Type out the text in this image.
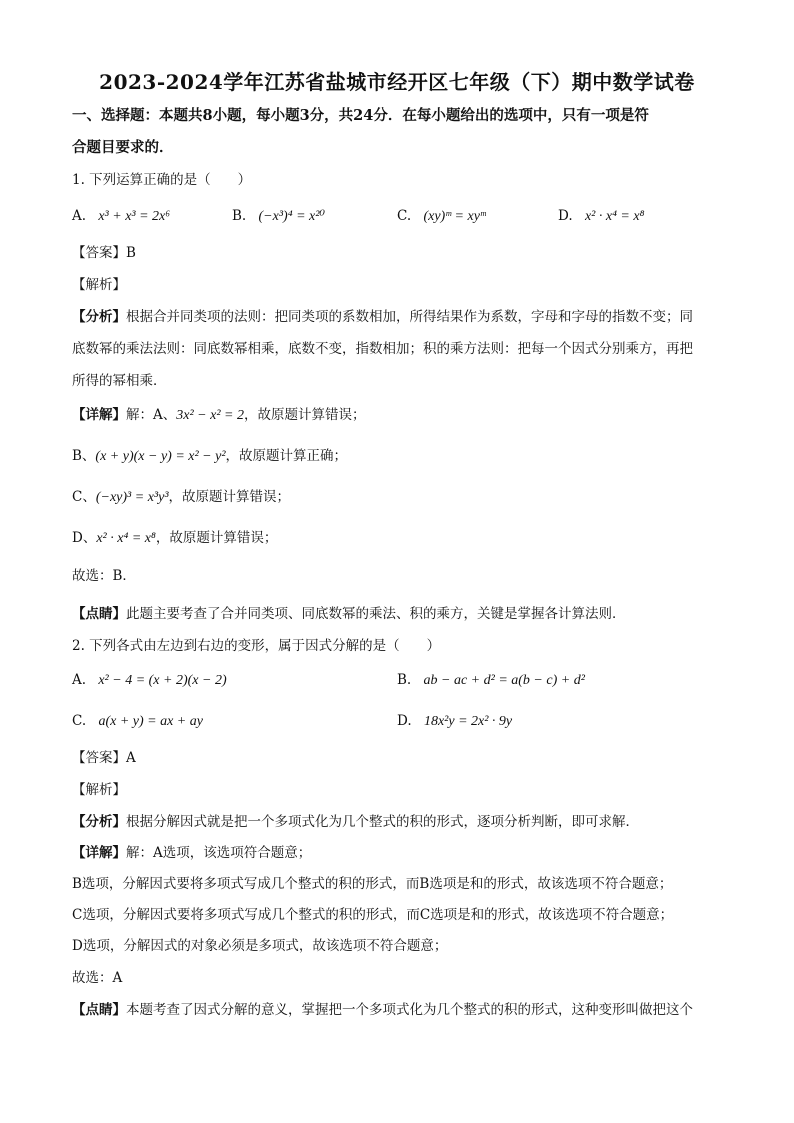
2023-2024学年江苏省盐城市经开区七年级（下）期中数学试卷
一、选择题：本题共8小题，每小题3分，共24分．在每小题给出的选项中，只有一项是符
合题目要求的．
1. 下列运算正确的是（　　）
A. x³ + x³ = 2x⁶	B. (−x³)⁴ = x²⁰	C. (xy)ᵐ = xyᵐ	D. x² · x⁴ = x⁸
【答案】B
【解析】
【分析】根据合并同类项的法则：把同类项的系数相加，所得结果作为系数，字母和字母的指数不变；同
底数幂的乘法法则：同底数幂相乘，底数不变，指数相加；积的乘方法则：把每一个因式分别乘方，再把
所得的幂相乘．
【详解】解：A、3x² − x² = 2，故原题计算错误；
B、(x + y)(x − y) = x² − y²，故原题计算正确；
C、(−xy)³ = x³y³，故原题计算错误；
D、x² · x⁴ = x⁸，故原题计算错误；
故选：B．
【点睛】此题主要考查了合并同类项、同底数幂的乘法、积的乘方，关键是掌握各计算法则．
2. 下列各式由左边到右边的变形，属于因式分解的是（　　）
A. x² − 4 = (x + 2)(x − 2)	B. ab − ac + d² = a(b − c) + d²
C. a(x + y) = ax + ay	D. 18x²y = 2x² · 9y
【答案】A
【解析】
【分析】根据分解因式就是把一个多项式化为几个整式的积的形式，逐项分析判断，即可求解．
【详解】解：A选项，该选项符合题意；
B选项，分解因式要将多项式写成几个整式的积的形式，而B选项是和的形式，故该选项不符合题意；
C选项，分解因式要将多项式写成几个整式的积的形式，而C选项是和的形式，故该选项不符合题意；
D选项，分解因式的对象必须是多项式，故该选项不符合题意；
故选：A
【点睛】本题考查了因式分解的意义，掌握把一个多项式化为几个整式的积的形式，这种变形叫做把这个
